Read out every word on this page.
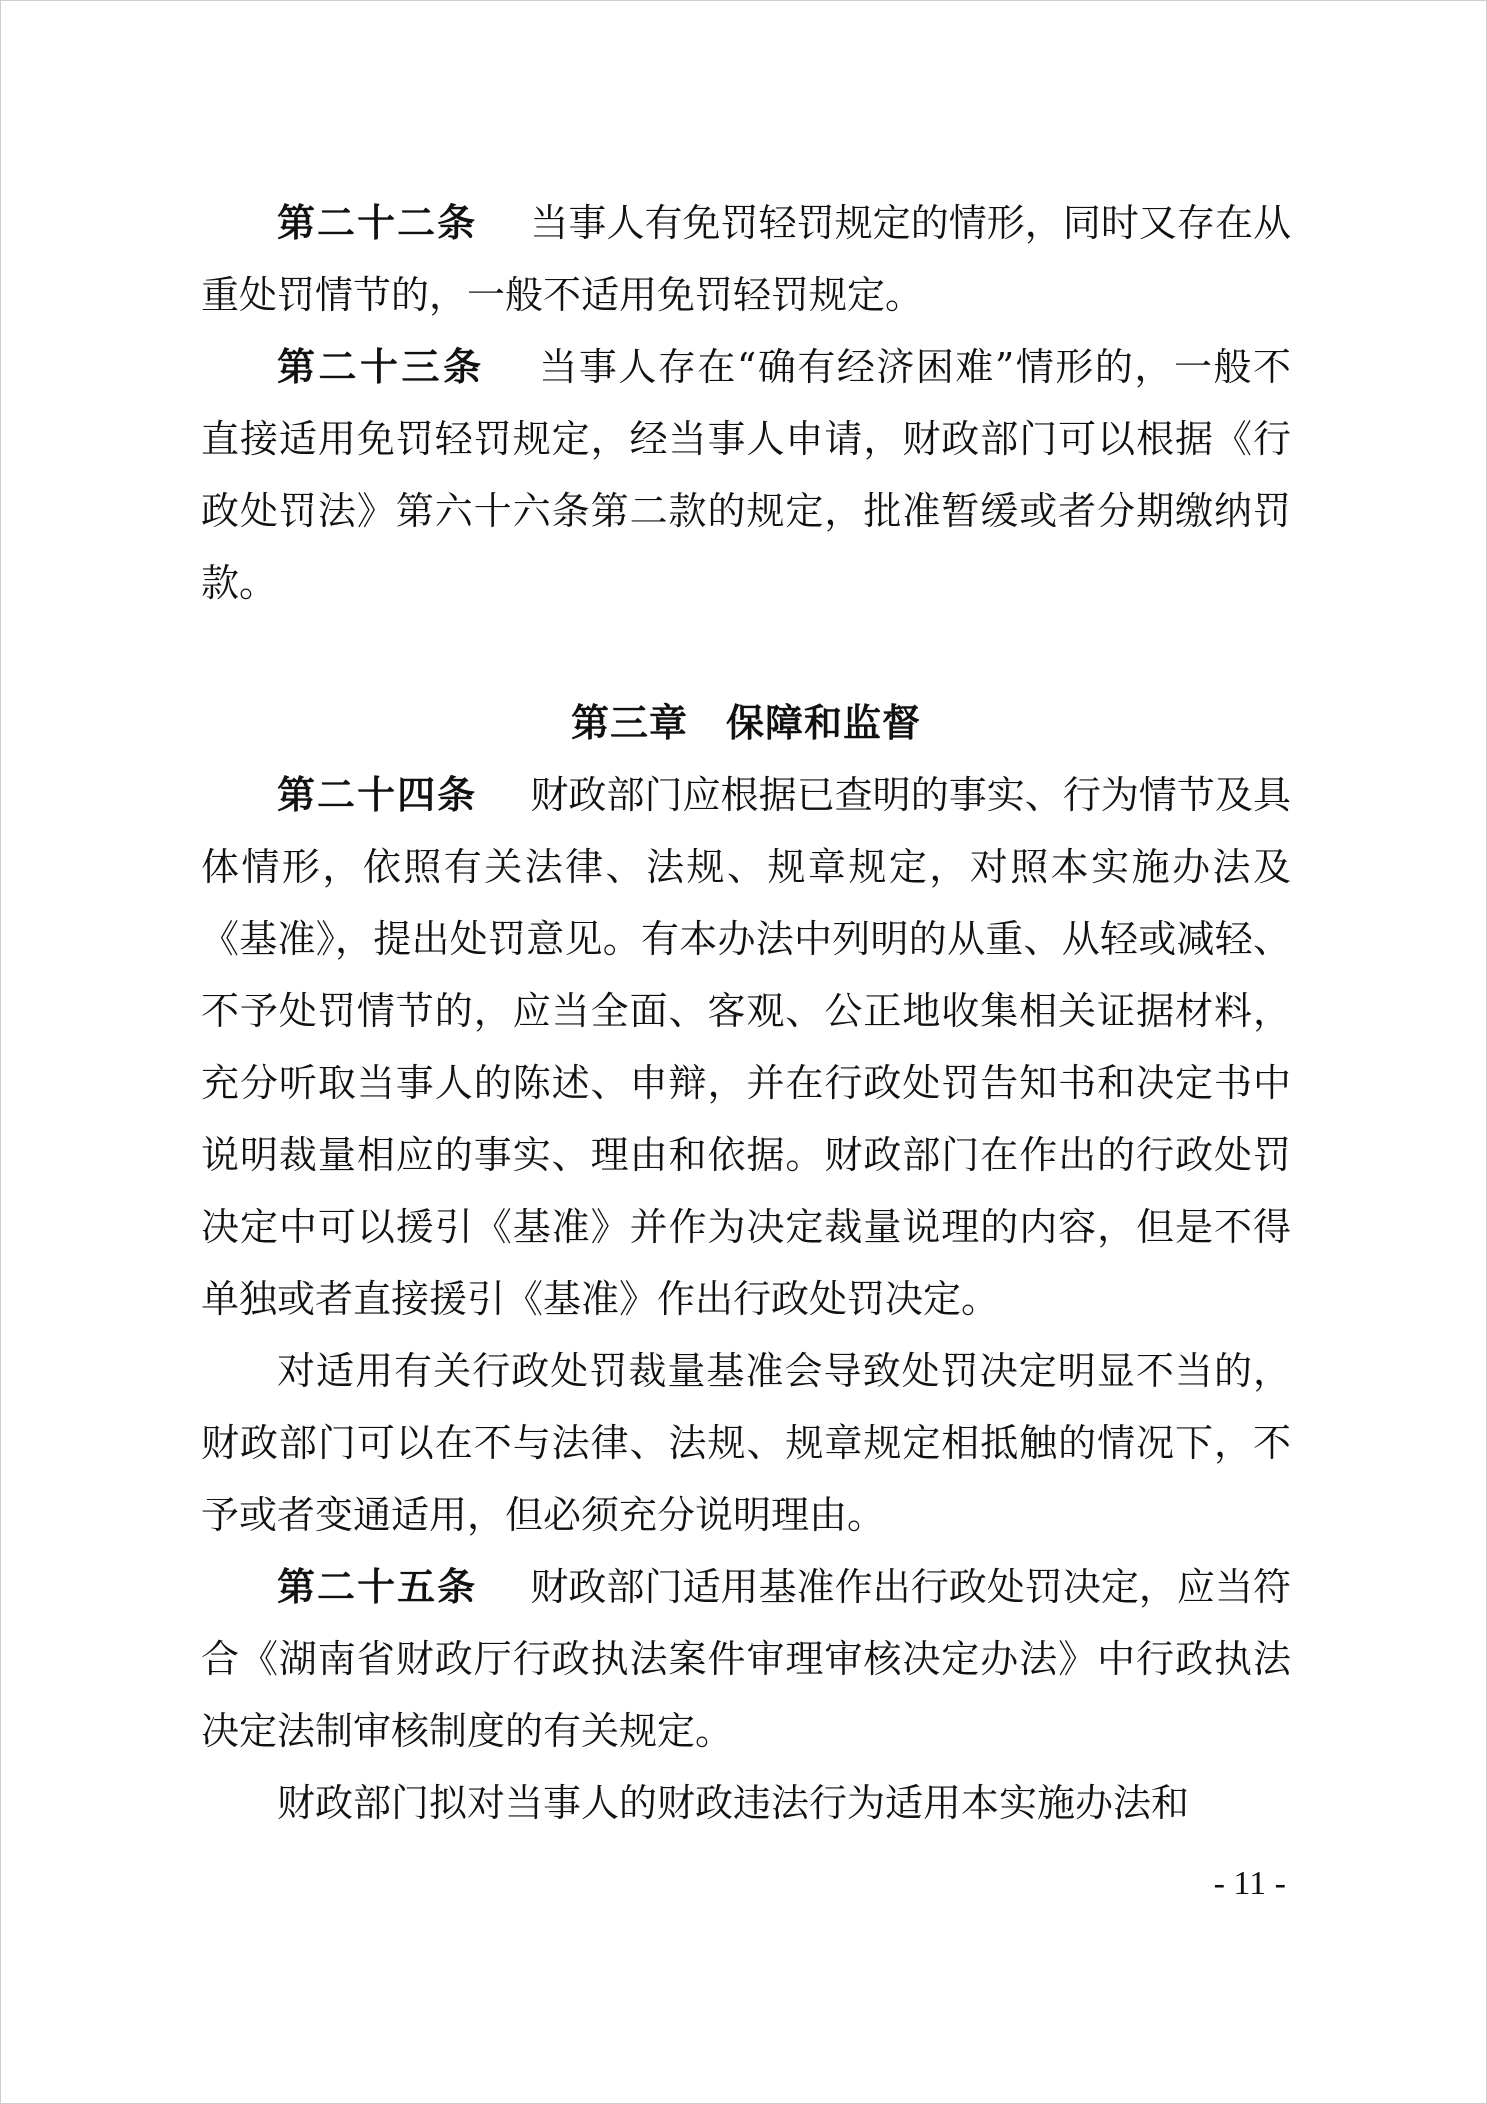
第二十二条 当事人有免罚轻罚规定的情形，同时又存在从重处罚情节的，一般不适用免罚轻罚规定。

第二十三条 当事人存在“确有经济困难”情形的，一般不直接适用免罚轻罚规定，经当事人申请，财政部门可以根据《行政处罚法》第六十六条第二款的规定，批准暂缓或者分期缴纳罚款。

第三章 保障和监督

第二十四条 财政部门应根据已查明的事实、行为情节及具体情形，依照有关法律、法规、规章规定，对照本实施办法及《基准》，提出处罚意见。有本办法中列明的从重、从轻或减轻、不予处罚情节的，应当全面、客观、公正地收集相关证据材料，充分听取当事人的陈述、申辩，并在行政处罚告知书和决定书中说明裁量相应的事实、理由和依据。财政部门在作出的行政处罚决定中可以援引《基准》并作为决定裁量说理的内容，但是不得单独或者直接援引《基准》作出行政处罚决定。

对适用有关行政处罚裁量基准会导致处罚决定明显不当的，财政部门可以在不与法律、法规、规章规定相抵触的情况下，不予或者变通适用，但必须充分说明理由。

第二十五条 财政部门适用基准作出行政处罚决定，应当符合《湖南省财政厅行政执法案件审理审核决定办法》中行政执法决定法制审核制度的有关规定。

财政部门拟对当事人的财政违法行为适用本实施办法和

- 11 -
